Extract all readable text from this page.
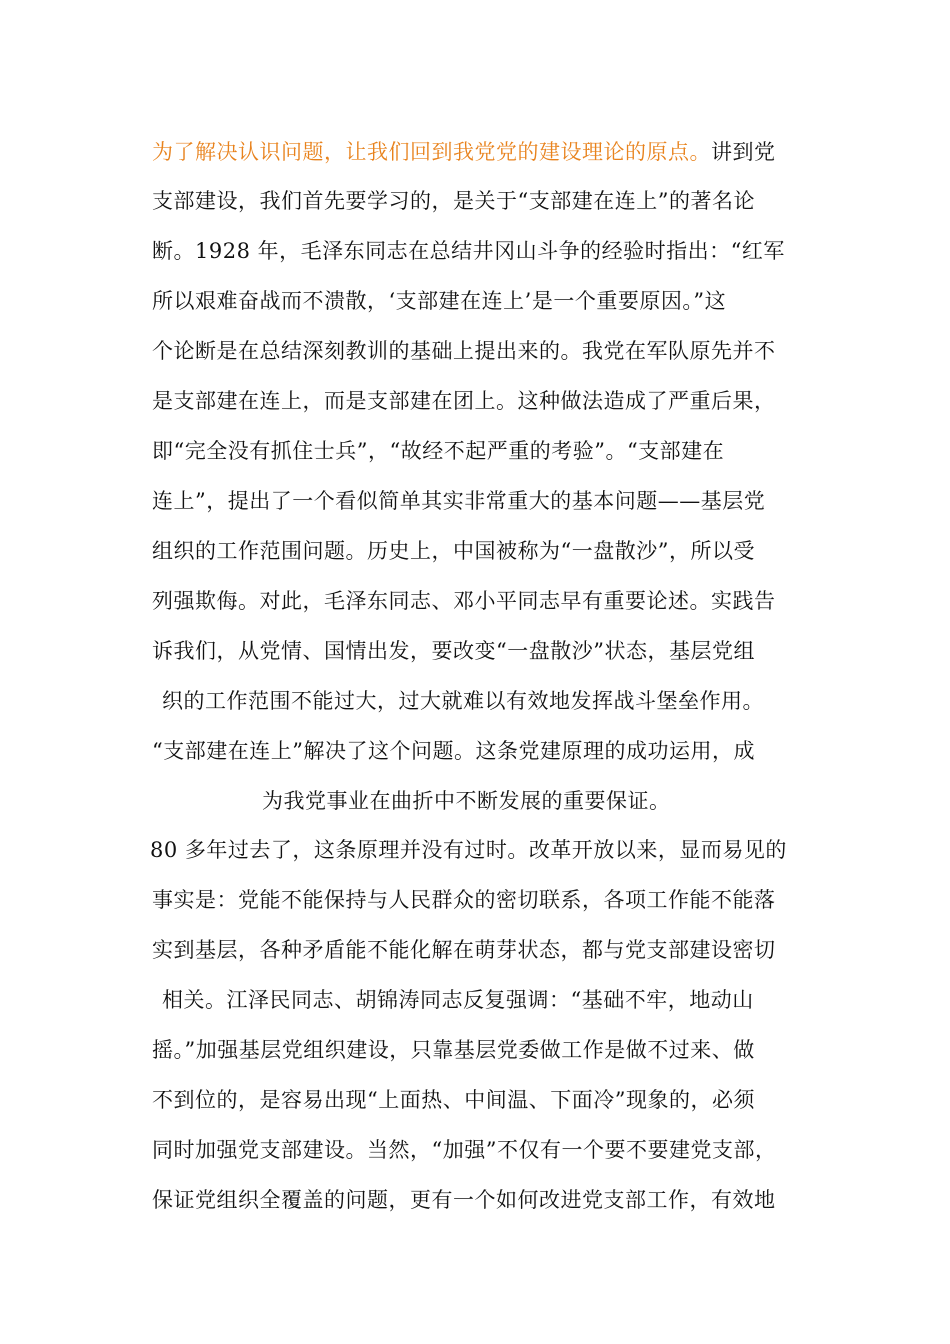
为了解决认识问题，让我们回到我党党的建设理论的原点。讲到党
支部建设，我们首先要学习的，是关于“支部建在连上”的著名论
断。1928 年，毛泽东同志在总结井冈山斗争的经验时指出：“红军
所以艰难奋战而不溃散，‘支部建在连上’是一个重要原因。”这
个论断是在总结深刻教训的基础上提出来的。我党在军队原先并不
是支部建在连上，而是支部建在团上。这种做法造成了严重后果，
即“完全没有抓住士兵”，“故经不起严重的考验”。“支部建在
连上”，提出了一个看似简单其实非常重大的基本问题——基层党
组织的工作范围问题。历史上，中国被称为“一盘散沙”，所以受
列强欺侮。对此，毛泽东同志、邓小平同志早有重要论述。实践告
诉我们，从党情、国情出发，要改变“一盘散沙”状态，基层党组
织的工作范围不能过大，过大就难以有效地发挥战斗堡垒作用。
“支部建在连上”解决了这个问题。这条党建原理的成功运用，成
为我党事业在曲折中不断发展的重要保证。
80 多年过去了，这条原理并没有过时。改革开放以来，显而易见的
事实是：党能不能保持与人民群众的密切联系，各项工作能不能落
实到基层，各种矛盾能不能化解在萌芽状态，都与党支部建设密切
相关。江泽民同志、胡锦涛同志反复强调：“基础不牢，地动山
摇。”加强基层党组织建设，只靠基层党委做工作是做不过来、做
不到位的，是容易出现“上面热、中间温、下面冷”现象的，必须
同时加强党支部建设。当然，“加强”不仅有一个要不要建党支部，
保证党组织全覆盖的问题，更有一个如何改进党支部工作，有效地
